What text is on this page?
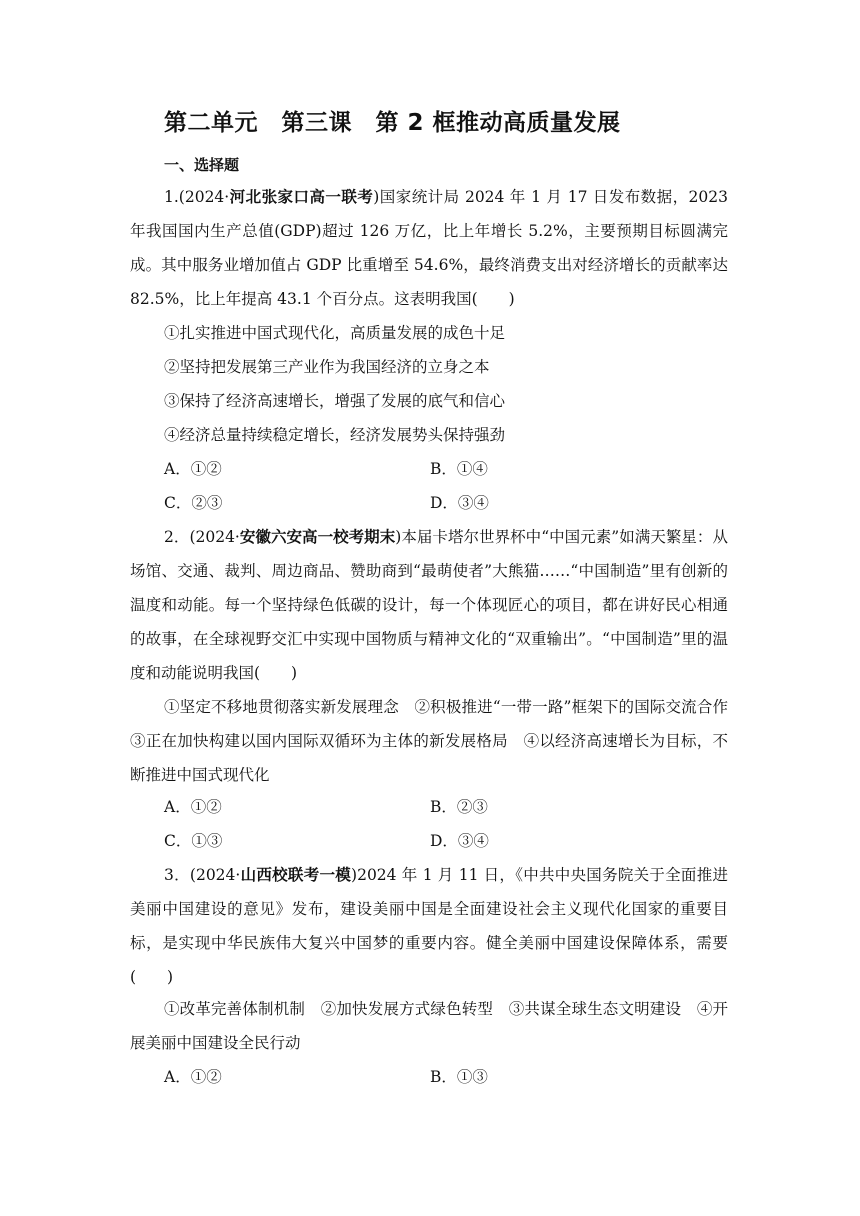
第二单元　第三课　第 2 框推动高质量发展
一、选择题
1.(2024·河北张家口高一联考)国家统计局 2024 年 1 月 17 日发布数据，2023 年我国国内生产总值(GDP)超过 126 万亿，比上年增长 5.2%，主要预期目标圆满完成。其中服务业增加值占 GDP 比重增至 54.6%，最终消费支出对经济增长的贡献率达 82.5%，比上年提高 43.1 个百分点。这表明我国(　　)
①扎实推进中国式现代化，高质量发展的成色十足
②坚持把发展第三产业作为我国经济的立身之本
③保持了经济高速增长，增强了发展的底气和信心
④经济总量持续稳定增长，经济发展势头保持强劲
A．①②	B．①④
C．②③	D．③④
2．(2024·安徽六安高一校考期末)本届卡塔尔世界杯中“中国元素”如满天繁星：从场馆、交通、裁判、周边商品、赞助商到“最萌使者”大熊猫……“中国制造”里有创新的温度和动能。每一个坚持绿色低碳的设计，每一个体现匠心的项目，都在讲好民心相通的故事，在全球视野交汇中实现中国物质与精神文化的“双重输出”。“中国制造”里的温度和动能说明我国(　　)
①坚定不移地贯彻落实新发展理念　②积极推进“一带一路”框架下的国际交流合作　③正在加快构建以国内国际双循环为主体的新发展格局　④以经济高速增长为目标，不断推进中国式现代化
A．①②	B．②③
C．①③	D．③④
3．(2024·山西校联考一模)2024 年 1 月 11 日，《中共中央国务院关于全面推进美丽中国建设的意见》发布，建设美丽中国是全面建设社会主义现代化国家的重要目标，是实现中华民族伟大复兴中国梦的重要内容。健全美丽中国建设保障体系，需要(　　)
①改革完善体制机制　②加快发展方式绿色转型　③共谋全球生态文明建设　④开展美丽中国建设全民行动
A．①②	B．①③
